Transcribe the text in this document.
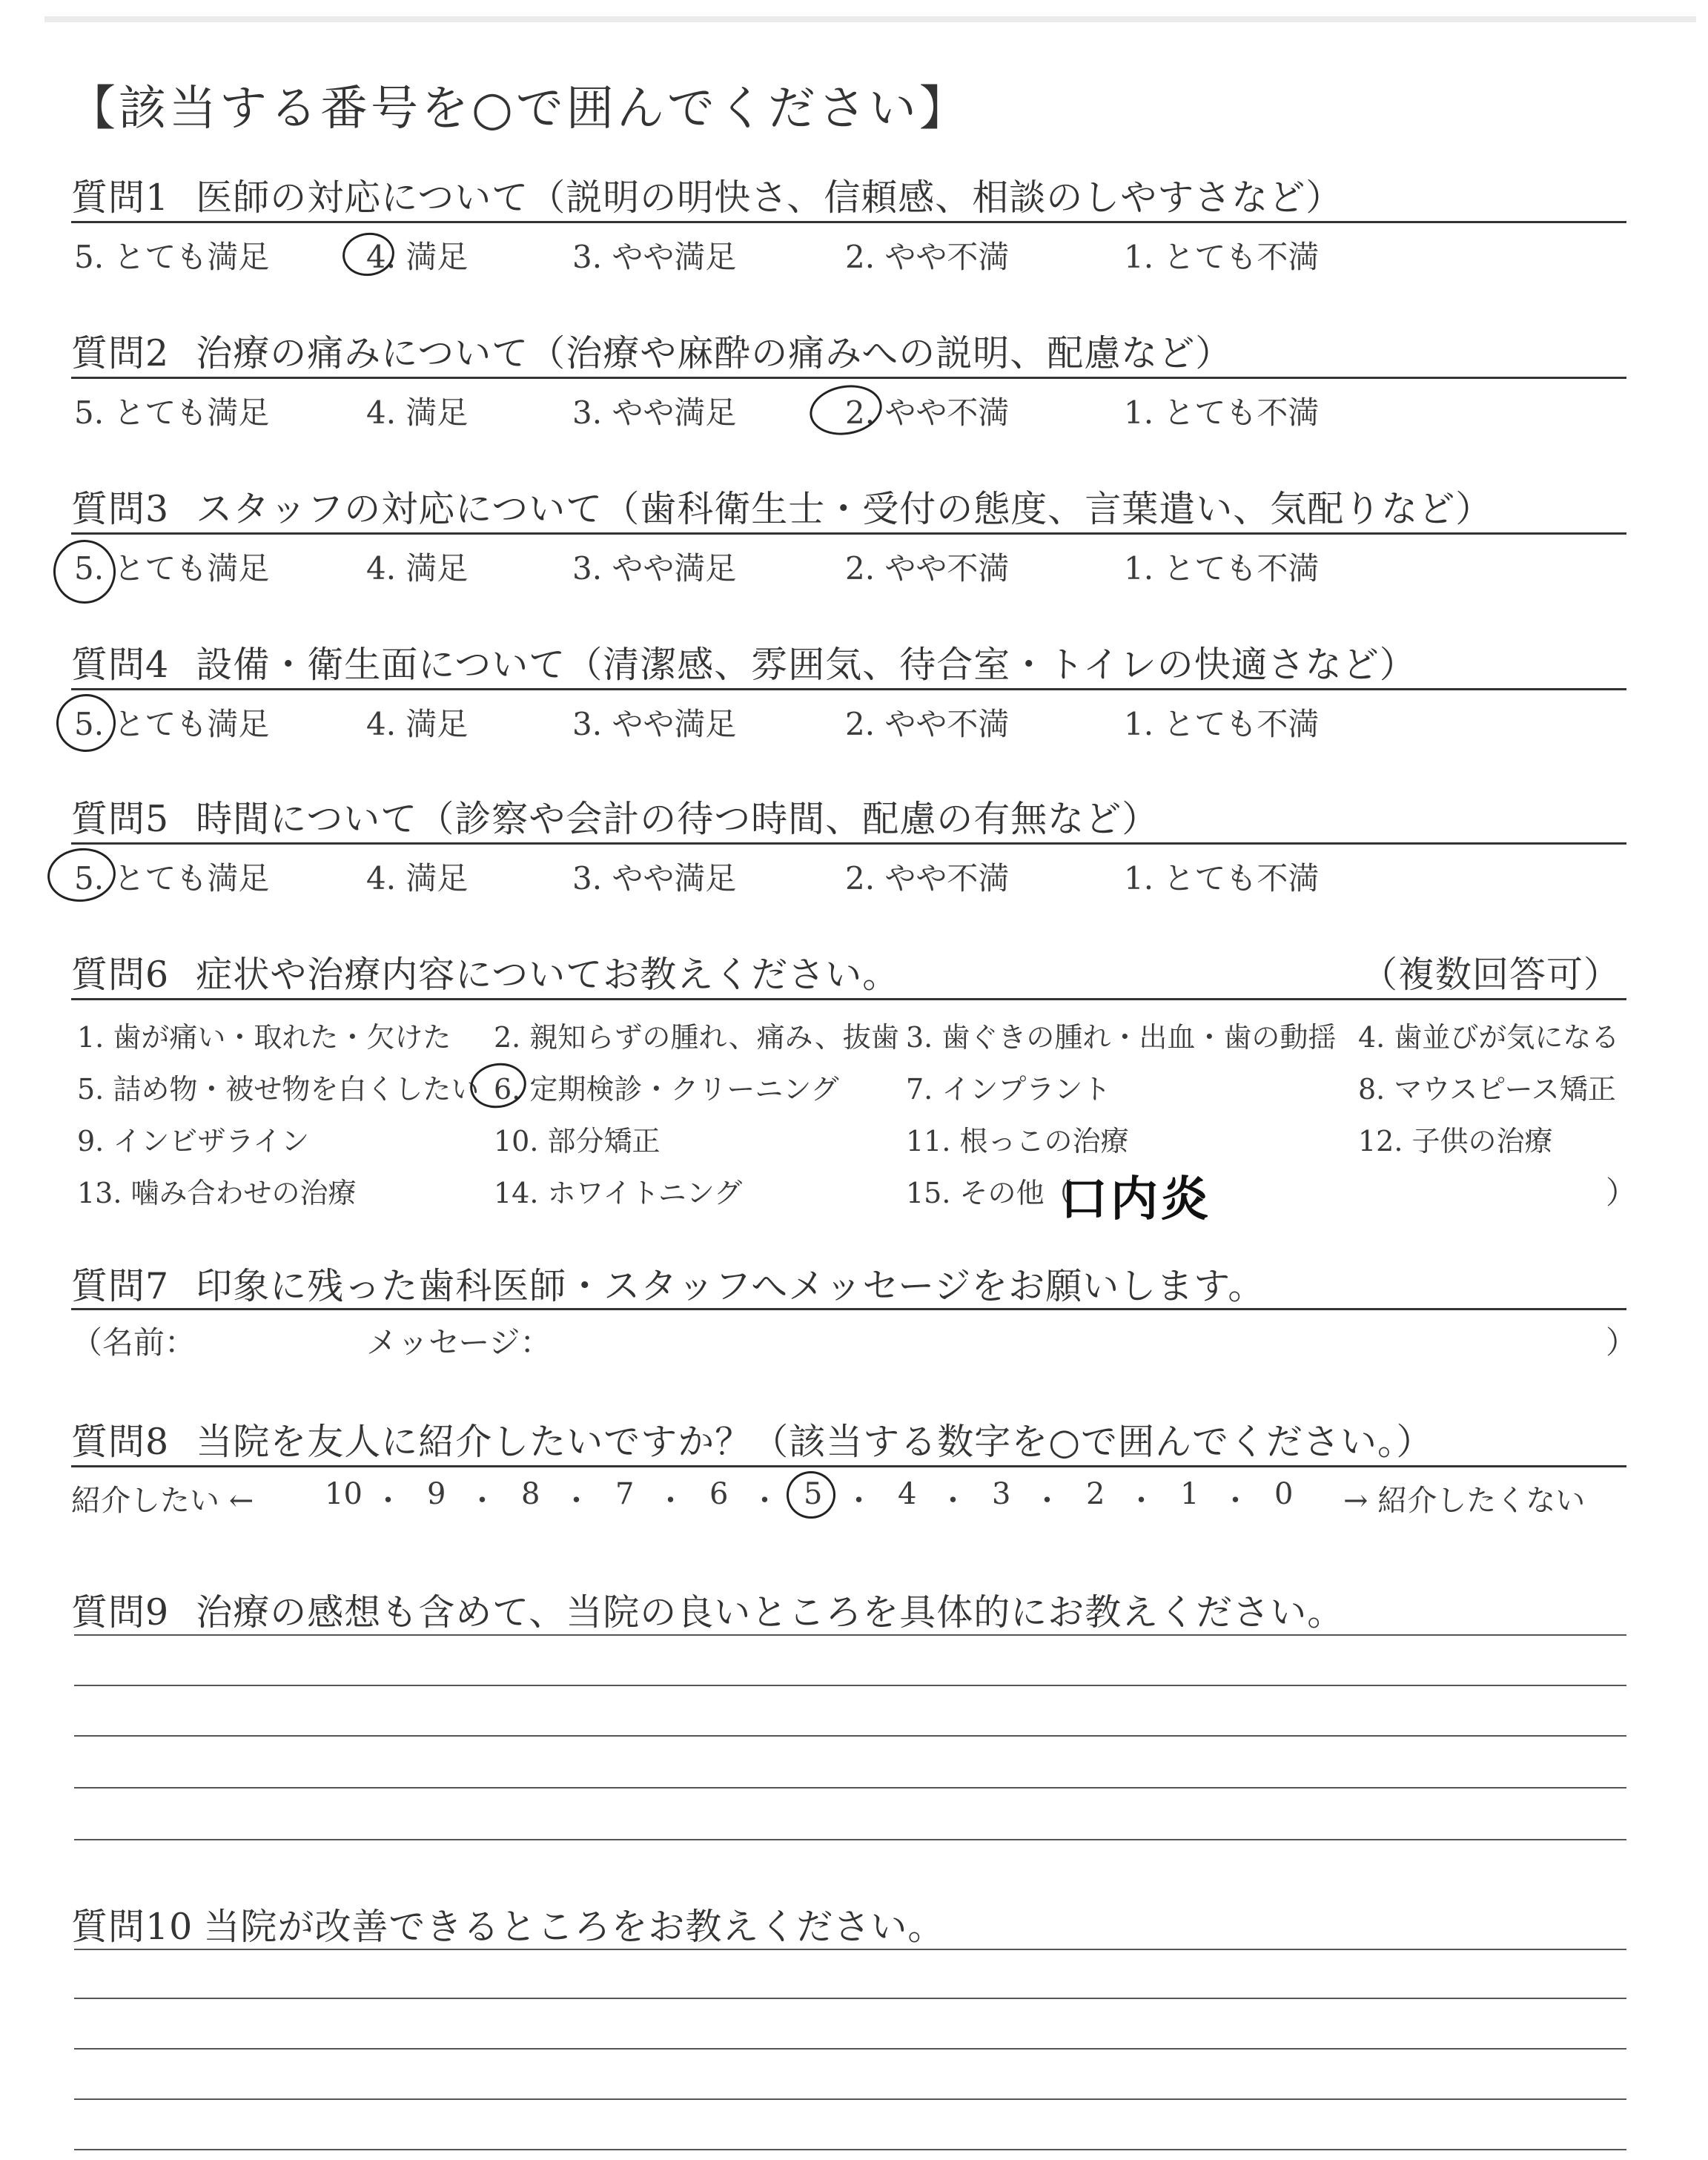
【該当する番号を○で囲んでください】
質問1 医師の対応について（説明の明快さ、信頼感、相談のしやすさなど）
5. とても満足	4. 満足	3. やや満足	2. やや不満	1. とても不満
質問2 治療の痛みについて（治療や麻酔の痛みへの説明、配慮など）
5. とても満足	4. 満足	3. やや満足	2. やや不満	1. とても不満
質問3 スタッフの対応について（歯科衛生士・受付の態度、言葉遣い、気配りなど）
5. とても満足	4. 満足	3. やや満足	2. やや不満	1. とても不満
質問4 設備・衛生面について（清潔感、雰囲気、待合室・トイレの快適さなど）
5. とても満足	4. 満足	3. やや満足	2. やや不満	1. とても不満
質問5 時間について（診察や会計の待つ時間、配慮の有無など）
5. とても満足	4. 満足	3. やや満足	2. やや不満	1. とても不満
質問6 症状や治療内容についてお教えください。	（複数回答可）
1. 歯が痛い・取れた・欠けた 2. 親知らずの腫れ、痛み、抜歯 3. 歯ぐきの腫れ・出血・歯の動揺 4. 歯並びが気になる
5. 詰め物・被せ物を白くしたい 6. 定期検診・クリーニング 7. インプラント	8. マウスピース矯正
9. インビザライン	10. 部分矯正	11. 根っこの治療	12. 子供の治療
13. 噛み合わせの治療	14. ホワイトニング	15. その他（
口内炎	）
質問7 印象に残った歯科医師・スタッフへメッセージをお願いします。
（名前：	メッセージ：	）
質問8 当院を友人に紹介したいですか？（該当する数字を○で囲んでください。）
紹介したい ←	→ 紹介したくない
10 ・ 9 ・ 8 ・ 7 ・ 6 ・ 5 ・ 4 ・ 3 ・ 2 ・ 1 ・ 0
質問9 治療の感想も含めて、当院の良いところを具体的にお教えください。
質問10 当院が改善できるところをお教えください。
